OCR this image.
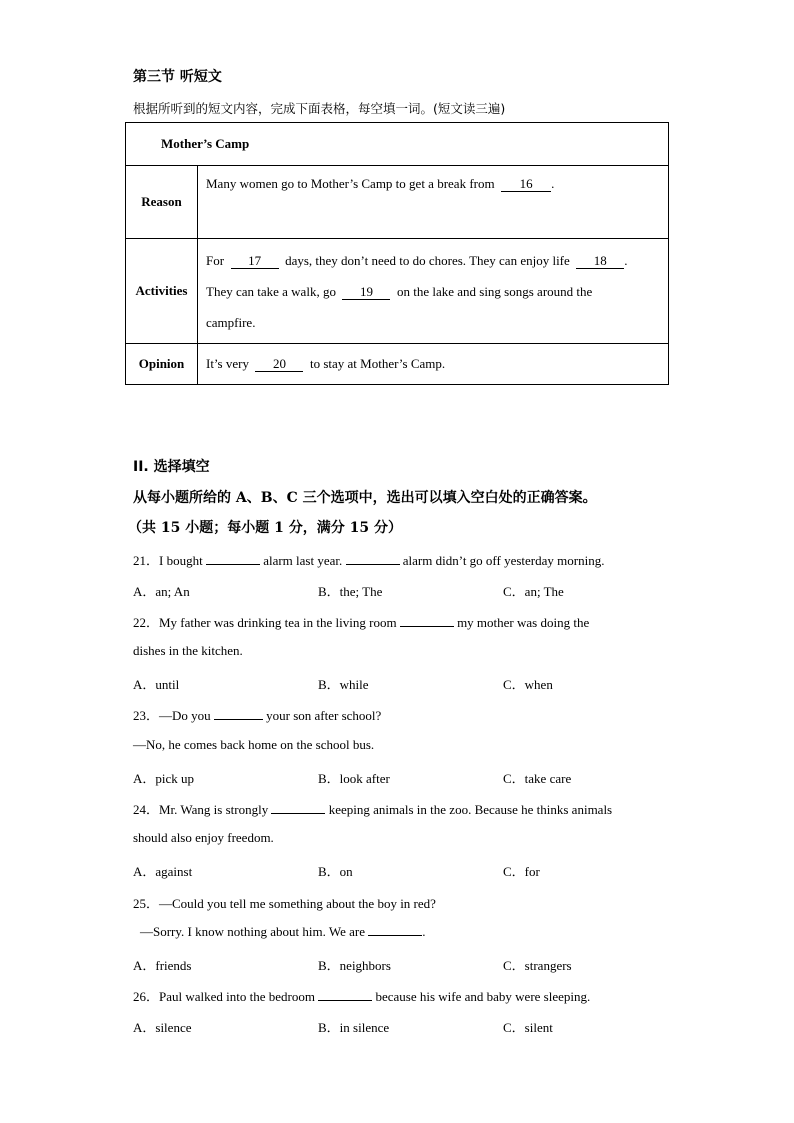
第三节 听短文
根据所听到的短文内容，完成下面表格，每空填一词。(短文读三遍)
Mother’s Camp	
Reason	Many women go to Mother’s Camp to get a break from 16 .

Activities	For 17 days, they don’t need to do chores. They can enjoy life 18 .
They can take a walk, go 19 on the lake and sing songs around the
campfire.

Opinion	It’s very 20 to stay at Mother’s Camp.
II. 选择填空
从每小题所给的 A、B、C 三个选项中，选出可以填入空白处的正确答案。
（共 15 小题；每小题 1 分，满分 15 分）
21．I bought	alarm last year.	alarm didn’t go off yesterday morning.
A．an; An	B．the; The	C．an; The
22．My father was drinking tea in the living room	my mother was doing the
dishes in the kitchen.
A．until	B．while	C．when
23．—Do you	your son after school?
—No, he comes back home on the school bus.
A．pick up	B．look after	C．take care
24．Mr. Wang is strongly	keeping animals in the zoo. Because he thinks animals
should also enjoy freedom.
A．against	B．on	C．for
25．—Could you tell me something about the boy in red?
—Sorry. I know nothing about him. We are	.
A．friends	B．neighbors	C．strangers
26．Paul walked into the bedroom	because his wife and baby were sleeping.
A．silence	B．in silence	C．silent
